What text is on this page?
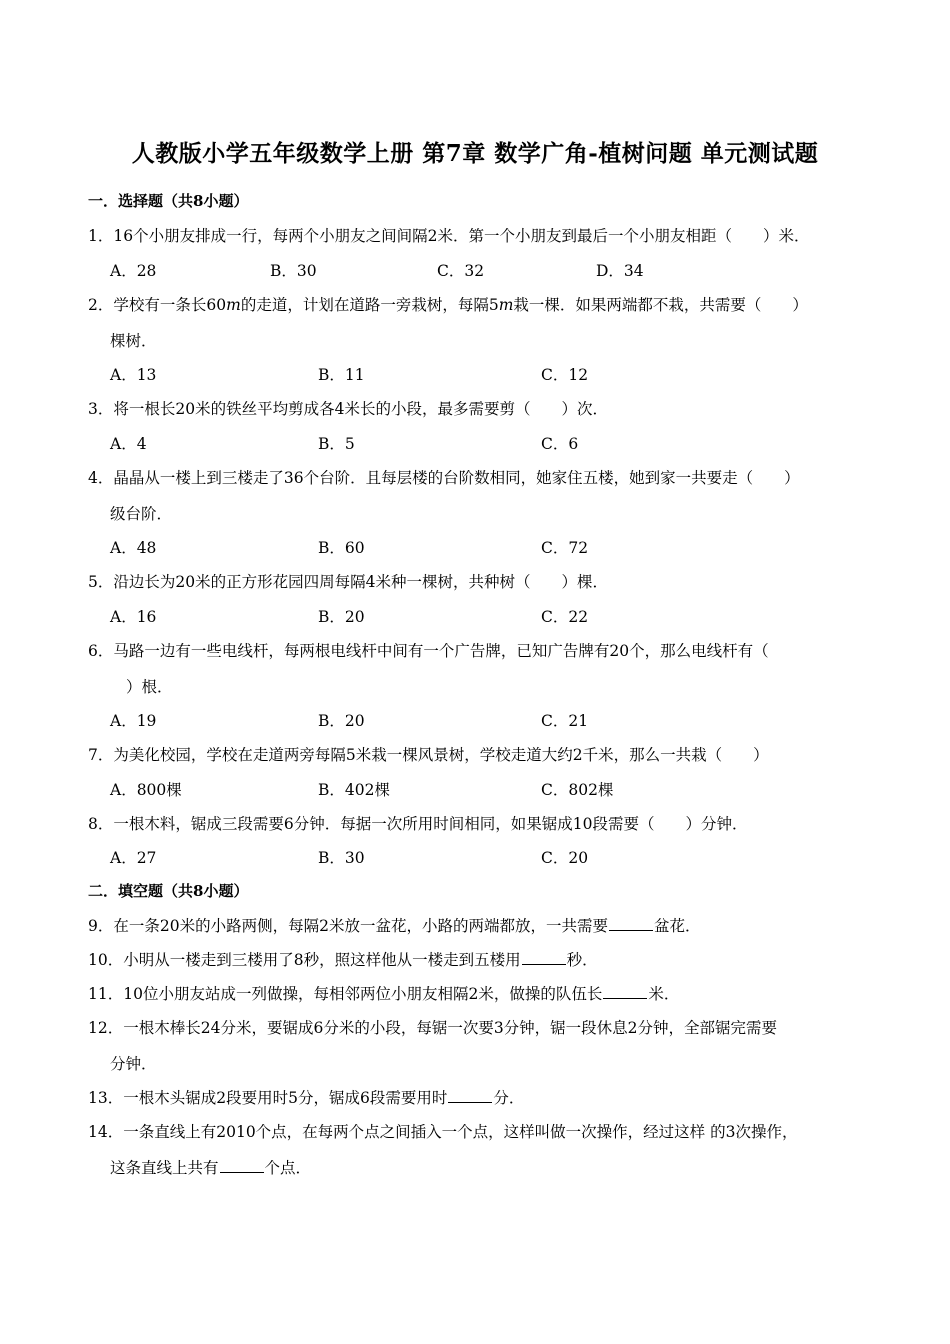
人教版小学五年级数学上册 第7章 数学广角-植树问题 单元测试题
一．选择题（共8小题）
1．16个小朋友排成一行，每两个小朋友之间间隔2米．第一个小朋友到最后一个小朋友相距（　　）米．
A．28	B．30	C．32	D．34
2．学校有一条长60m的走道，计划在道路一旁栽树，每隔5m栽一棵．如果两端都不栽，共需要（　　）
棵树．
A．13	B．11	C．12
3．将一根长20米的铁丝平均剪成各4米长的小段，最多需要剪（　　）次．
A．4	B．5	C．6
4．晶晶从一楼上到三楼走了36个台阶．且每层楼的台阶数相同，她家住五楼，她到家一共要走（　　）
级台阶．
A．48	B．60	C．72
5．沿边长为20米的正方形花园四周每隔4米种一棵树，共种树（　　）棵．
A．16	B．20	C．22
6．马路一边有一些电线杆，每两根电线杆中间有一个广告牌，已知广告牌有20个，那么电线杆有（
）根．
A．19	B．20	C．21
7．为美化校园，学校在走道两旁每隔5米栽一棵风景树，学校走道大约2千米，那么一共栽（　　）
A．800棵	B．402棵	C．802棵
8．一根木料，锯成三段需要6分钟．每据一次所用时间相同，如果锯成10段需要（　　）分钟．
A．27	B．30	C．20
二．填空题（共8小题）
9．在一条20米的小路两侧，每隔2米放一盆花，小路的两端都放，一共需要	盆花．
10．小明从一楼走到三楼用了8秒，照这样他从一楼走到五楼用	秒．
11．10位小朋友站成一列做操，每相邻两位小朋友相隔2米，做操的队伍长	米．
12．一根木棒长24分米，要锯成6分米的小段，每锯一次要3分钟，锯一段休息2分钟，全部锯完需要
分钟．
13．一根木头锯成2段要用时5分，锯成6段需要用时	分．
14．一条直线上有2010个点，在每两个点之间插入一个点，这样叫做一次操作，经过这样 的3次操作，
这条直线上共有	个点．
